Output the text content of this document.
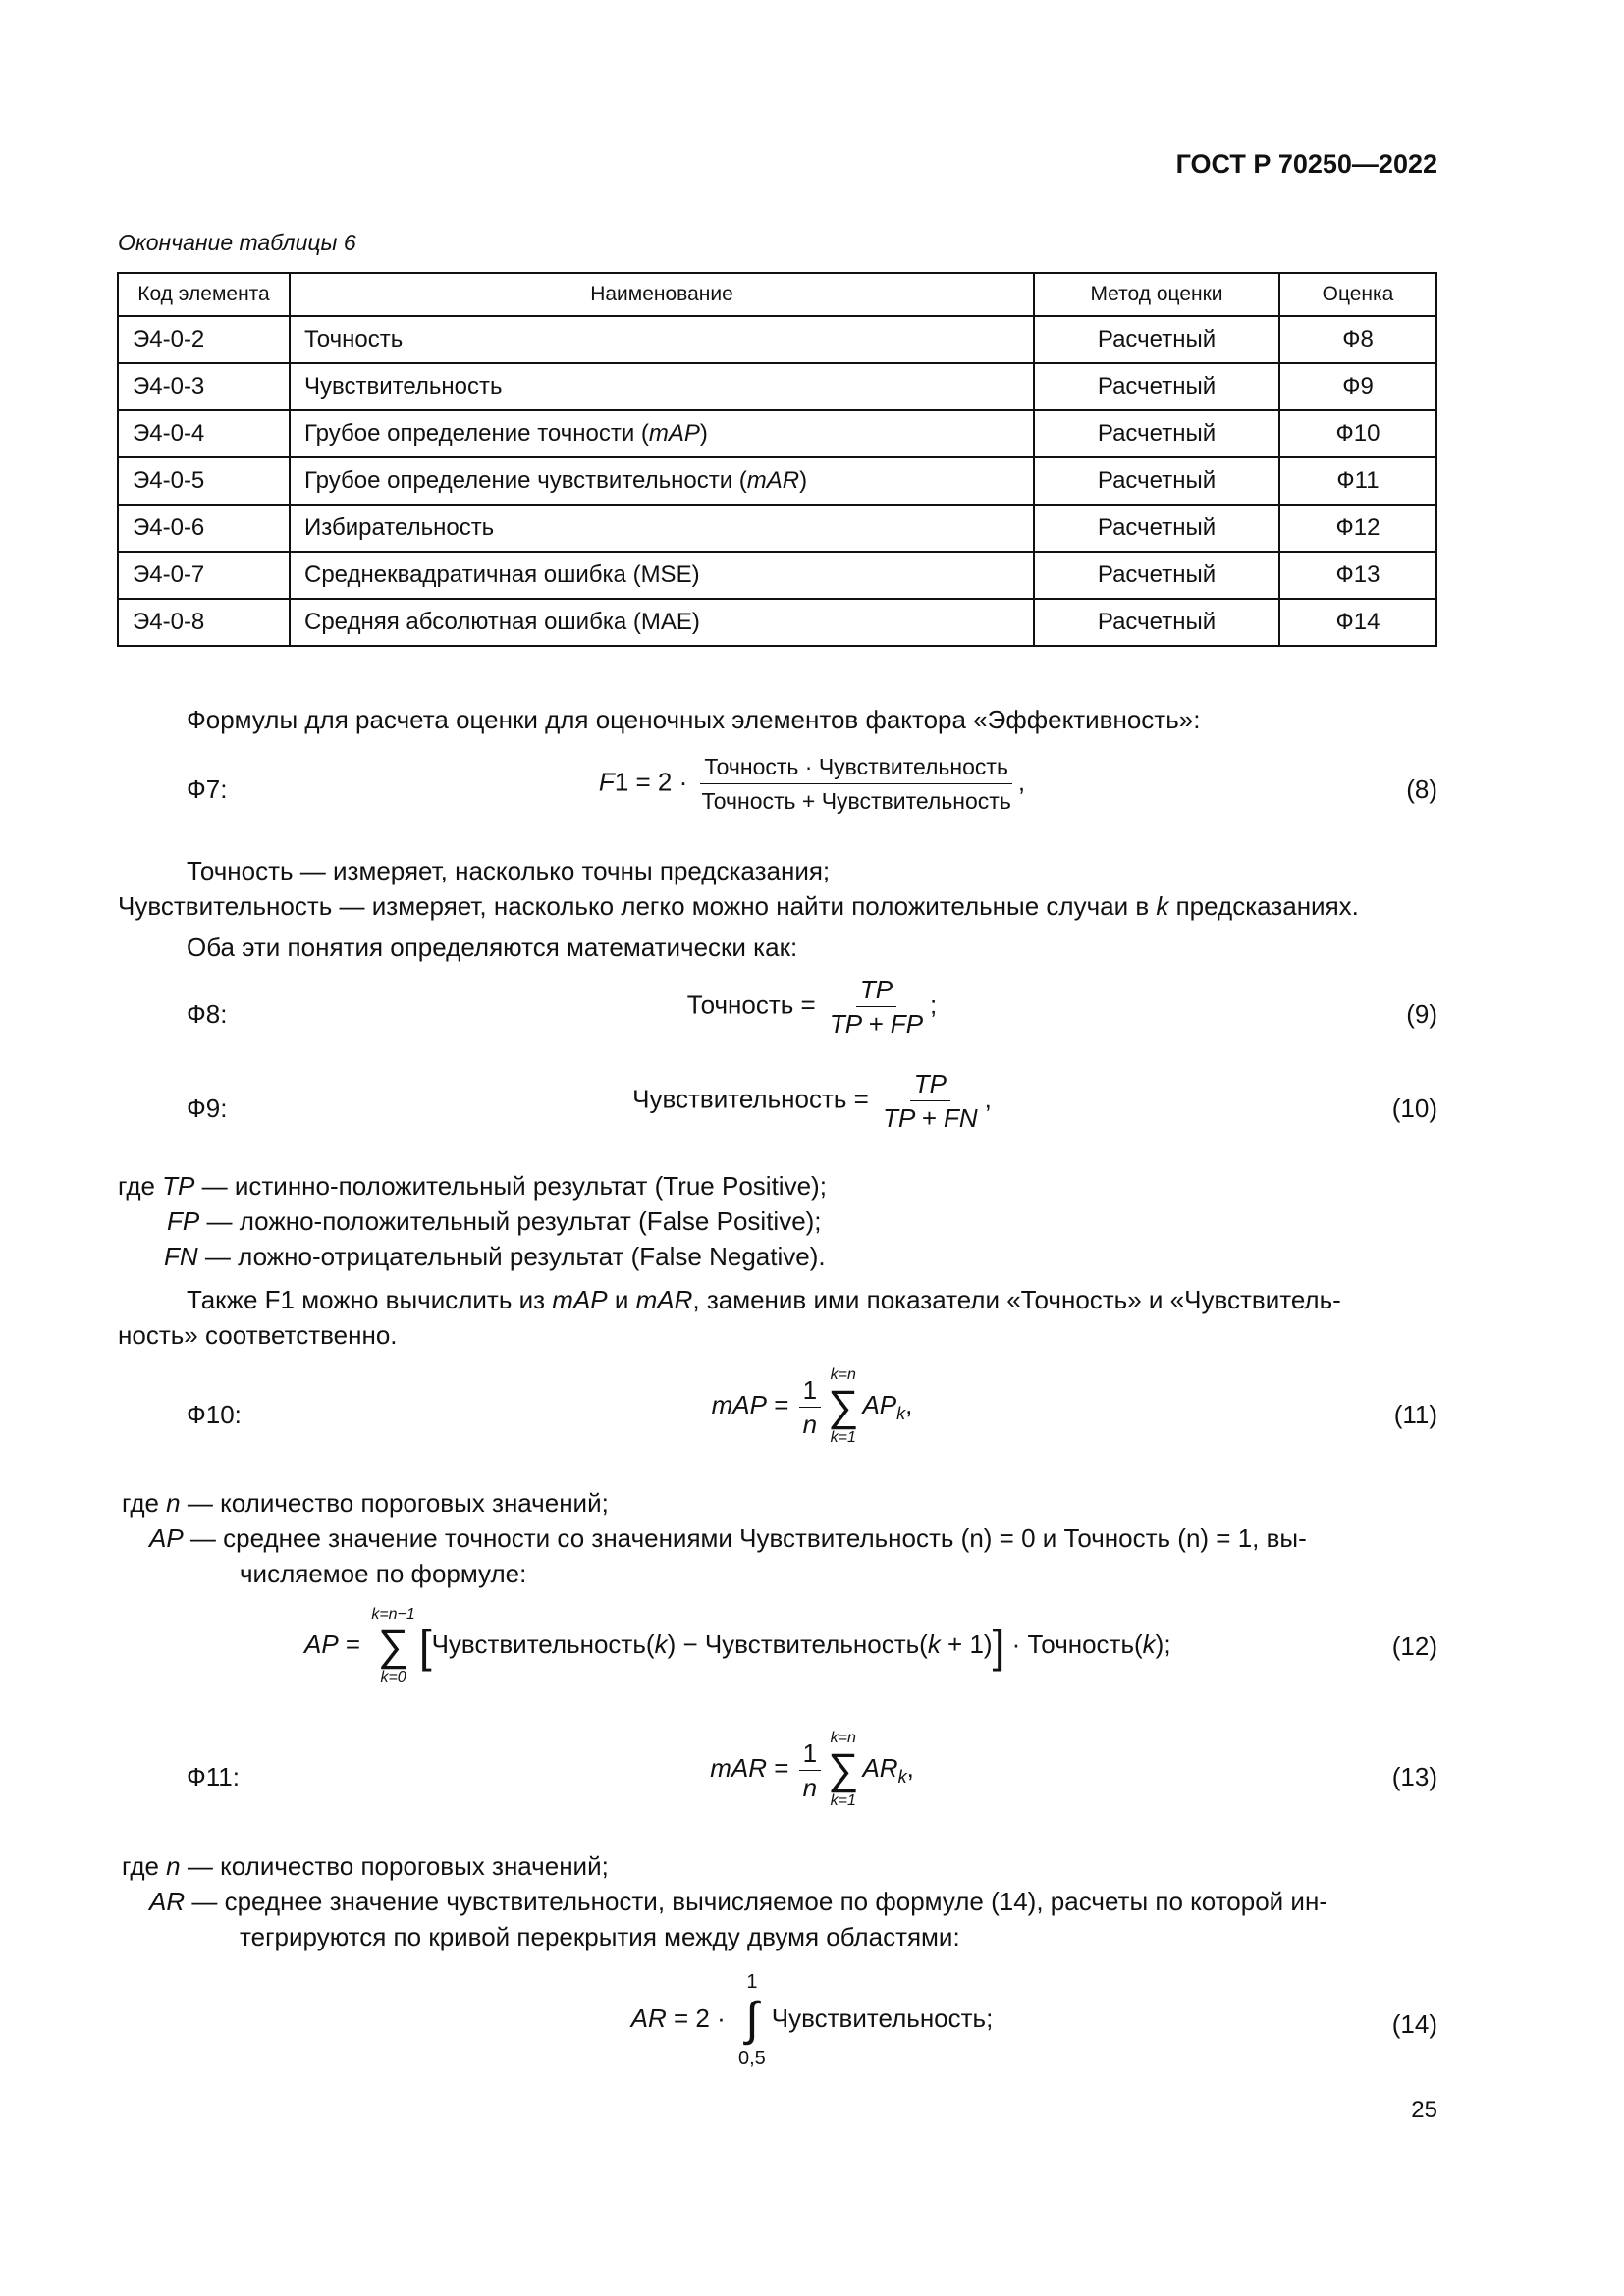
ГОСТ Р 70250—2022
Окончание таблицы 6
Код элемента	Наименование	Метод оценки	Оценка
Э4-0-2	Точность	Расчетный	Ф8
Э4-0-3	Чувствительность	Расчетный	Ф9
Э4-0-4	Грубое определение точности (mAP)	Расчетный	Ф10
Э4-0-5	Грубое определение чувствительности (mAR)	Расчетный	Ф11
Э4-0-6	Избирательность	Расчетный	Ф12
Э4-0-7	Среднеквадратичная ошибка (MSE)	Расчетный	Ф13
Э4-0-8	Средняя абсолютная ошибка (MAE)	Расчетный	Ф14
Формулы для расчета оценки для оценочных элементов фактора «Эффективность»:
Ф7:	$F1 = 2 \cdot \frac{\text{Точность · Чувствительность}}{\text{Точность + Чувствительность}}$ ,	(8)
Точность — измеряет, насколько точны предсказания;
Чувствительность — измеряет, насколько легко можно найти положительные случаи в k предсказаниях.
Оба эти понятия определяются математически как:
Ф8:	Точность = $\frac{TP}{TP + FP}$ ;	(9)
Ф9:	Чувствительность = $\frac{TP}{TP + FN}$ ,	(10)
где TP — истинно-положительный результат (True Positive);
FP — ложно-положительный результат (False Positive);
FN — ложно-отрицательный результат (False Negative).
Также F1 можно вычислить из mAP и mAR, заменив ими показатели «Точность» и «Чувствитель-
ность» соответственно.
Ф10:	mAP = $\frac{1}{n}$
k=n
∑
k=1
$AP_k$,	(11)
где n — количество пороговых значений;
AP — среднее значение точности со значениями Чувствительность (n) = 0 и Точность (n) = 1, вы-
числяемое по формуле:
AP =
k=n−1
∑
k=0
[Чувствительность(k) − Чувствительность(k + 1)] · Точность(k);	(12)
Ф11:	mAR = $\frac{1}{n}$
k=n
∑
k=1
$AR_k$,	(13)
где n — количество пороговых значений;
AR — среднее значение чувствительности, вычисляемое по формуле (14), расчеты по которой ин-
тегрируются по кривой перекрытия между двумя областями:
AR = 2 ·
1
∫
0,5
Чувствительность;	(14)
25
